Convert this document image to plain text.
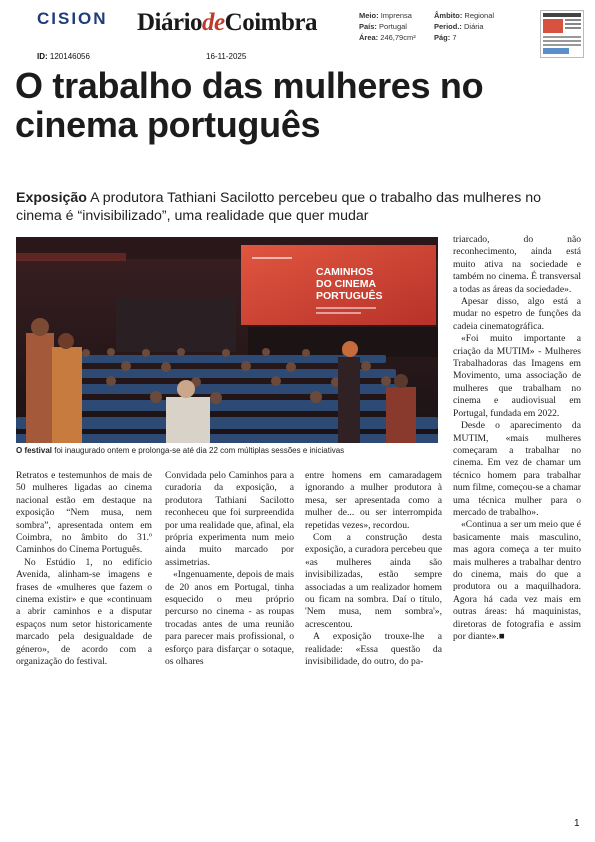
CISION DiáriodeCoimbra	Meio: Imprensa
País: Portugal
Área: 246,79cm²
Âmbito: Regional
Period.: Diária
Pág: 7
ID: 120146056	16-11-2025
O trabalho das mulheres no cinema português

Exposição A produtora Tathiani Sacilotto percebeu que o trabalho das mulheres no cinema é “invisibilizado”, uma realidade que quer mudar

CAMINHOS
DO CINEMA
PORTUGUÊS

O festival foi inaugurado ontem e prolonga-se até dia 22 com múltiplas sessões e iniciativas

Retratos e testemunhos de mais de 50 mulheres ligadas ao cinema nacional estão em destaque na exposição “Nem musa, nem sombra”, apresentada ontem em Coimbra, no âmbito do 31.º Caminhos do Cinema Português.

No Estúdio 1, no edifício Avenida, alinham-se imagens e frases de «mulheres que fazem o cinema existir» e que «continuam a abrir caminhos e a disputar espaços num setor historicamente marcado pela desigualdade de género», de acordo com a organização do festival.

Convidada pelo Caminhos para a curadoria da exposição, a produtora Tathiani Sacilotto reconheceu que foi surpreendida por uma realidade que, afinal, ela própria experimenta num meio ainda muito marcado por assimetrias.

«Ingenuamente, depois de mais de 20 anos em Portugal, tinha esquecido o meu próprio percurso no cinema - as roupas trocadas antes de uma reunião para parecer mais profissional, o esforço para disfarçar o sotaque, os olhares

entre homens em camaradagem ignorando a mulher produtora à mesa, ser apresentada como a mulher de... ou ser interrompida repetidas vezes», recordou.

Com a construção desta exposição, a curadora percebeu que «as mulheres ainda são invisibilizadas, estão sempre associadas a um realizador homem ou ficam na sombra. Daí o título, 'Nem musa, nem sombra'», acrescentou.

A exposição trouxe-lhe a realidade: «Essa questão da invisibilidade, do outro, do pa-

triarcado, do não reconhecimento, ainda está muito ativa na sociedade e também no cinema. É transversal a todas as áreas da sociedade».

Apesar disso, algo está a mudar no espetro de funções da cadeia cinematográfica.

«Foi muito importante a criação da MUTIM» - Mulheres Trabalhadoras das Imagens em Movimento, uma associação de mulheres que trabalham no cinema e audiovisual em Portugal, fundada em 2022.

Desde o aparecimento da MUTIM, «mais mulheres começaram a trabalhar no cinema. Em vez de chamar um técnico homem para trabalhar num filme, começou-se a chamar uma técnica mulher para o mercado de trabalho».

«Continua a ser um meio que é basicamente mais masculino, mas agora começa a ter muito mais mulheres a trabalhar dentro do cinema, mais do que a produtora ou a maquilhadora. Agora há cada vez mais em outras áreas: há maquinistas, diretoras de fotografia e assim por diante».■

1
